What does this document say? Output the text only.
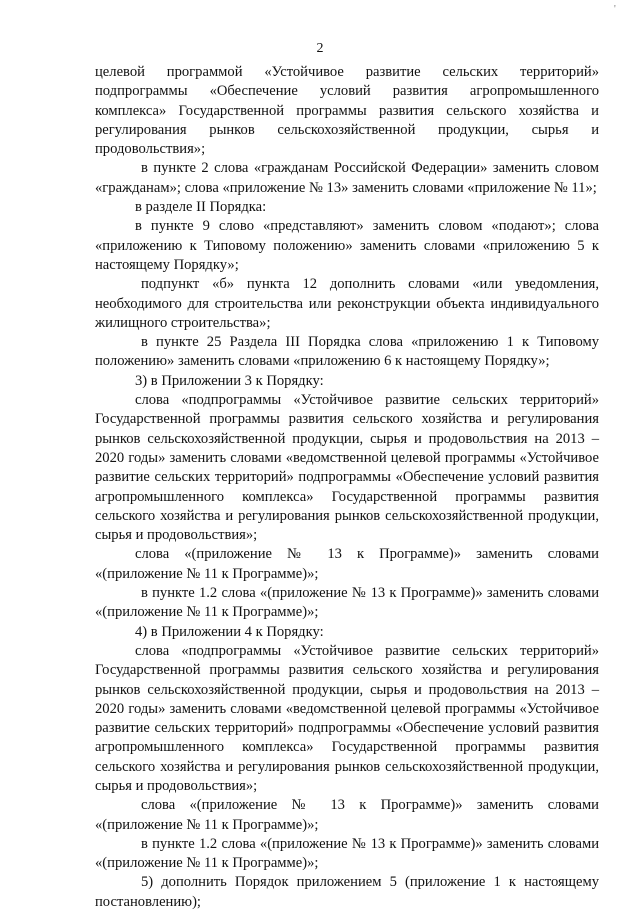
'
2

целевой программой «Устойчивое развитие сельских территорий» подпрограммы «Обеспечение условий развития агропромышленного комплекса» Государственной программы развития сельского хозяйства и регулирования рынков сельскохозяйственной продукции, сырья и продовольствия»;

в пункте 2 слова «гражданам Российской Федерации» заменить словом «гражданам»; слова «приложение № 13» заменить словами «приложение № 11»;

в разделе II Порядка:

в пункте 9 слово «представляют» заменить словом «подают»; слова «приложению к Типовому положению» заменить словами «приложению 5 к настоящему Порядку»;

подпункт «б» пункта 12 дополнить словами «или уведомления, необходимого для строительства или реконструкции объекта индивидуального жилищного строительства»;

в пункте 25 Раздела III Порядка слова «приложению 1 к Типовому положению» заменить словами «приложению 6 к настоящему Порядку»;

3) в Приложении 3 к Порядку:

слова «подпрограммы «Устойчивое развитие сельских территорий» Государственной программы развития сельского хозяйства и регулирования рынков сельскохозяйственной продукции, сырья и продовольствия на 2013 – 2020 годы» заменить словами «ведомственной целевой программы «Устойчивое развитие сельских территорий» подпрограммы «Обеспечение условий развития агропромышленного комплекса» Государственной программы развития сельского хозяйства и регулирования рынков сельскохозяйственной продукции, сырья и продовольствия»;

слова «(приложение № 13 к Программе)» заменить словами «(приложение № 11 к Программе)»;

в пункте 1.2 слова «(приложение № 13 к Программе)» заменить словами «(приложение № 11 к Программе)»;

4) в Приложении 4 к Порядку:

слова «подпрограммы «Устойчивое развитие сельских территорий» Государственной программы развития сельского хозяйства и регулирования рынков сельскохозяйственной продукции, сырья и продовольствия на 2013 – 2020 годы» заменить словами «ведомственной целевой программы «Устойчивое развитие сельских территорий» подпрограммы «Обеспечение условий развития агропромышленного комплекса» Государственной программы развития сельского хозяйства и регулирования рынков сельскохозяйственной продукции, сырья и продовольствия»;

слова «(приложение № 13 к Программе)» заменить словами «(приложение № 11 к Программе)»;

в пункте 1.2 слова «(приложение № 13 к Программе)» заменить словами «(приложение № 11 к Программе)»;

5) дополнить Порядок приложением 5 (приложение 1 к настоящему постановлению);
